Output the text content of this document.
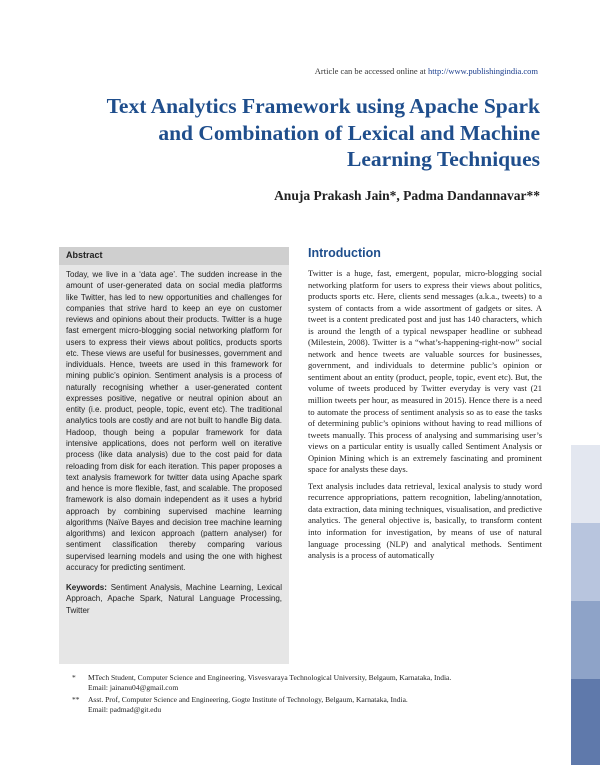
Article can be accessed online at http://www.publishingindia.com
Text Analytics Framework using Apache Spark
and Combination of Lexical and Machine
Learning Techniques
Anuja Prakash Jain*, Padma Dandannavar**
Abstract

Today, we live in a ‘data age’. The sudden increase in the amount of user-generated data on social media platforms like Twitter, has led to new opportunities and challenges for companies that strive hard to keep an eye on customer reviews and opinions about their products. Twitter is a huge fast emergent micro-blogging social networking platform for users to express their views about politics, products sports etc. These views are useful for businesses, government and individuals. Hence, tweets are used in this framework for mining public’s opinion. Sentiment analysis is a process of naturally recognising whether a user-generated content expresses positive, negative or neutral opinion about an entity (i.e. product, people, topic, event etc). The traditional analytics tools are costly and are not built to handle Big data. Hadoop, though being a popular framework for data intensive applications, does not perform well on iterative process (like data analysis) due to the cost paid for data reloading from disk for each iteration. This paper proposes a text analysis framework for twitter data using Apache spark and hence is more flexible, fast, and scalable. The proposed framework is also domain independent as it uses a hybrid approach by combining supervised machine learning algorithms (Naïve Bayes and decision tree machine learning algorithms) and lexicon approach (pattern analyser) for sentiment classification thereby comparing various supervised learning models and using the one with highest accuracy for predicting sentiment.

Keywords: Sentiment Analysis, Machine Learning, Lexical Approach, Apache Spark, Natural Language Processing, Twitter

Introduction

Twitter is a huge, fast, emergent, popular, micro-blogging social networking platform for users to express their views about politics, products sports etc. Here, clients send messages (a.k.a., tweets) to a system of contacts from a wide assortment of gadgets or sites. A tweet is a content predicated post and just has 140 characters, which is around the length of a typical newspaper headline or subhead (Milestein, 2008). Twitter is a “what’s-happening-right-now” social network and hence tweets are valuable sources for businesses, government, and individuals to determine public’s opinion or sentiment about an entity (product, people, topic, event etc). But, the volume of tweets produced by Twitter everyday is very vast (21 million tweets per hour, as measured in 2015). Hence there is a need to automate the process of sentiment analysis so as to ease the tasks of determining public’s opinions without having to read millions of tweets manually. This process of analysing and summarising user’s views on a particular entity is usually called Sentiment Analysis or Opinion Mining which is an extremely fascinating and prominent space for analysts these days.

Text analysis includes data retrieval, lexical analysis to study word recurrence appropriations, pattern recognition, labeling/annotation, data extraction, data mining techniques, visualisation, and predictive analytics. The general objective is, basically, to transform content into information for investigation, by means of use of natural language processing (NLP) and analytical methods. Sentiment analysis is a process of automatically

* MTech Student, Computer Science and Engineering, Visvesvaraya Technological University, Belgaum, Karnataka, India.
Email: jainanu04@gmail.com
** Asst. Prof, Computer Science and Engineering, Gogte Institute of Technology, Belgaum, Karnataka, India.
Email: padmad@git.edu
